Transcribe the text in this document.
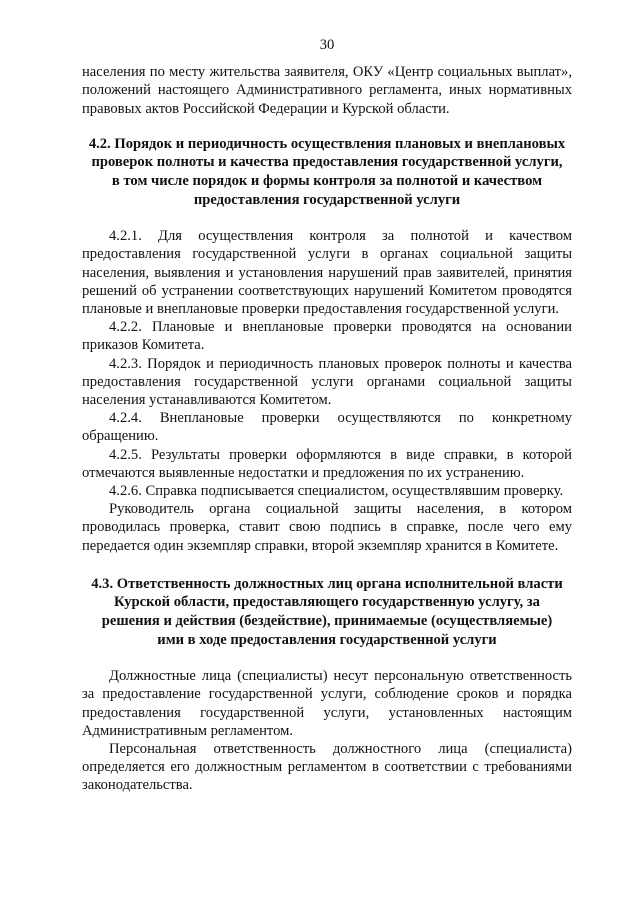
30

населения по месту жительства заявителя, ОКУ «Центр социальных выплат», положений настоящего Административного регламента, иных нормативных правовых актов Российской Федерации и Курской области.

4.2. Порядок и периодичность осуществления плановых и внеплановых проверок полноты и качества предоставления государственной услуги, в том числе порядок и формы контроля за полнотой и качеством предоставления государственной услуги

4.2.1. Для осуществления контроля за полнотой и качеством предоставления государственной услуги в органах социальной защиты населения, выявления и установления нарушений прав заявителей, принятия решений об устранении соответствующих нарушений Комитетом проводятся плановые и внеплановые проверки предоставления государственной услуги.

4.2.2. Плановые и внеплановые проверки проводятся на основании приказов Комитета.

4.2.3. Порядок и периодичность плановых проверок полноты и качества предоставления государственной услуги органами социальной защиты населения устанавливаются Комитетом.

4.2.4. Внеплановые проверки осуществляются по конкретному обращению.

4.2.5. Результаты проверки оформляются в виде справки, в которой отмечаются выявленные недостатки и предложения по их устранению.

4.2.6. Справка подписывается специалистом, осуществлявшим проверку.

Руководитель органа социальной защиты населения, в котором проводилась проверка, ставит свою подпись в справке, после чего ему передается один экземпляр справки, второй экземпляр хранится в Комитете.

4.3. Ответственность должностных лиц органа исполнительной власти Курской области, предоставляющего государственную услугу, за решения и действия (бездействие), принимаемые (осуществляемые) ими в ходе предоставления государственной услуги

Должностные лица (специалисты) несут персональную ответственность за предоставление государственной услуги, соблюдение сроков и порядка предоставления государственной услуги, установленных настоящим Административным регламентом.

Персональная ответственность должностного лица (специалиста) определяется его должностным регламентом в соответствии с требованиями законодательства.
